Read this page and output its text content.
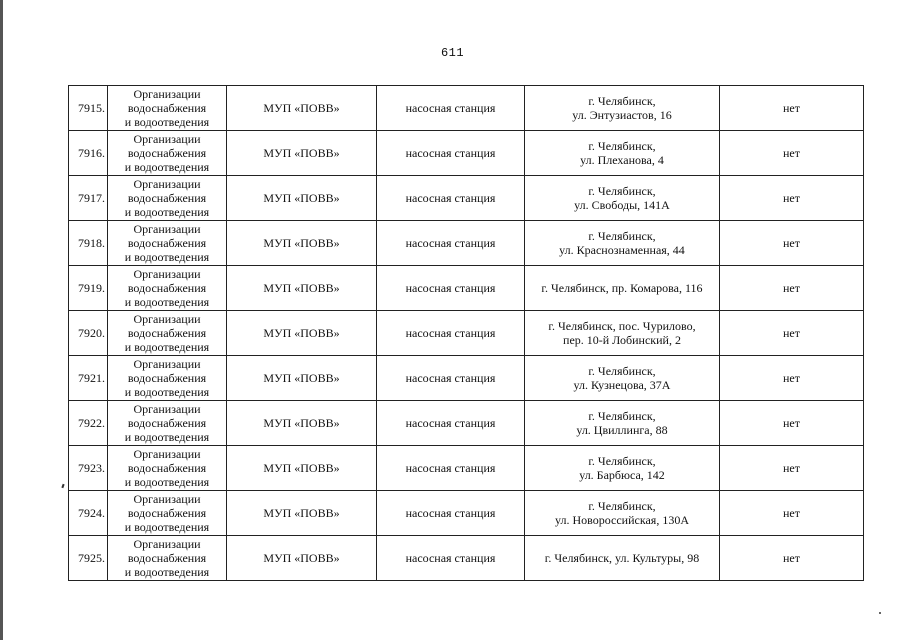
611
7915.	Организации
водоснабжения
и водоотведения	МУП «ПОВВ»	насосная станция	г. Челябинск,
ул. Энтузиастов, 16	нет
7916.	Организации
водоснабжения
и водоотведения	МУП «ПОВВ»	насосная станция	г. Челябинск,
ул. Плеханова, 4	нет
7917.	Организации
водоснабжения
и водоотведения	МУП «ПОВВ»	насосная станция	г. Челябинск,
ул. Свободы, 141А	нет
7918.	Организации
водоснабжения
и водоотведения	МУП «ПОВВ»	насосная станция	г. Челябинск,
ул. Краснознаменная, 44	нет
7919.	Организации
водоснабжения
и водоотведения	МУП «ПОВВ»	насосная станция	г. Челябинск, пр. Комарова, 116	нет
7920.	Организации
водоснабжения
и водоотведения	МУП «ПОВВ»	насосная станция	г. Челябинск, пос. Чурилово,
пер. 10-й Лобинский, 2	нет
7921.	Организации
водоснабжения
и водоотведения	МУП «ПОВВ»	насосная станция	г. Челябинск,
ул. Кузнецова, 37А	нет
7922.	Организации
водоснабжения
и водоотведения	МУП «ПОВВ»	насосная станция	г. Челябинск,
ул. Цвиллинга, 88	нет
7923.	Организации
водоснабжения
и водоотведения	МУП «ПОВВ»	насосная станция	г. Челябинск,
ул. Барбюса, 142	нет
7924.	Организации
водоснабжения
и водоотведения	МУП «ПОВВ»	насосная станция	г. Челябинск,
ул. Новороссийская, 130А	нет
7925.	Организации
водоснабжения
и водоотведения	МУП «ПОВВ»	насосная станция	г. Челябинск, ул. Культуры, 98	нет
